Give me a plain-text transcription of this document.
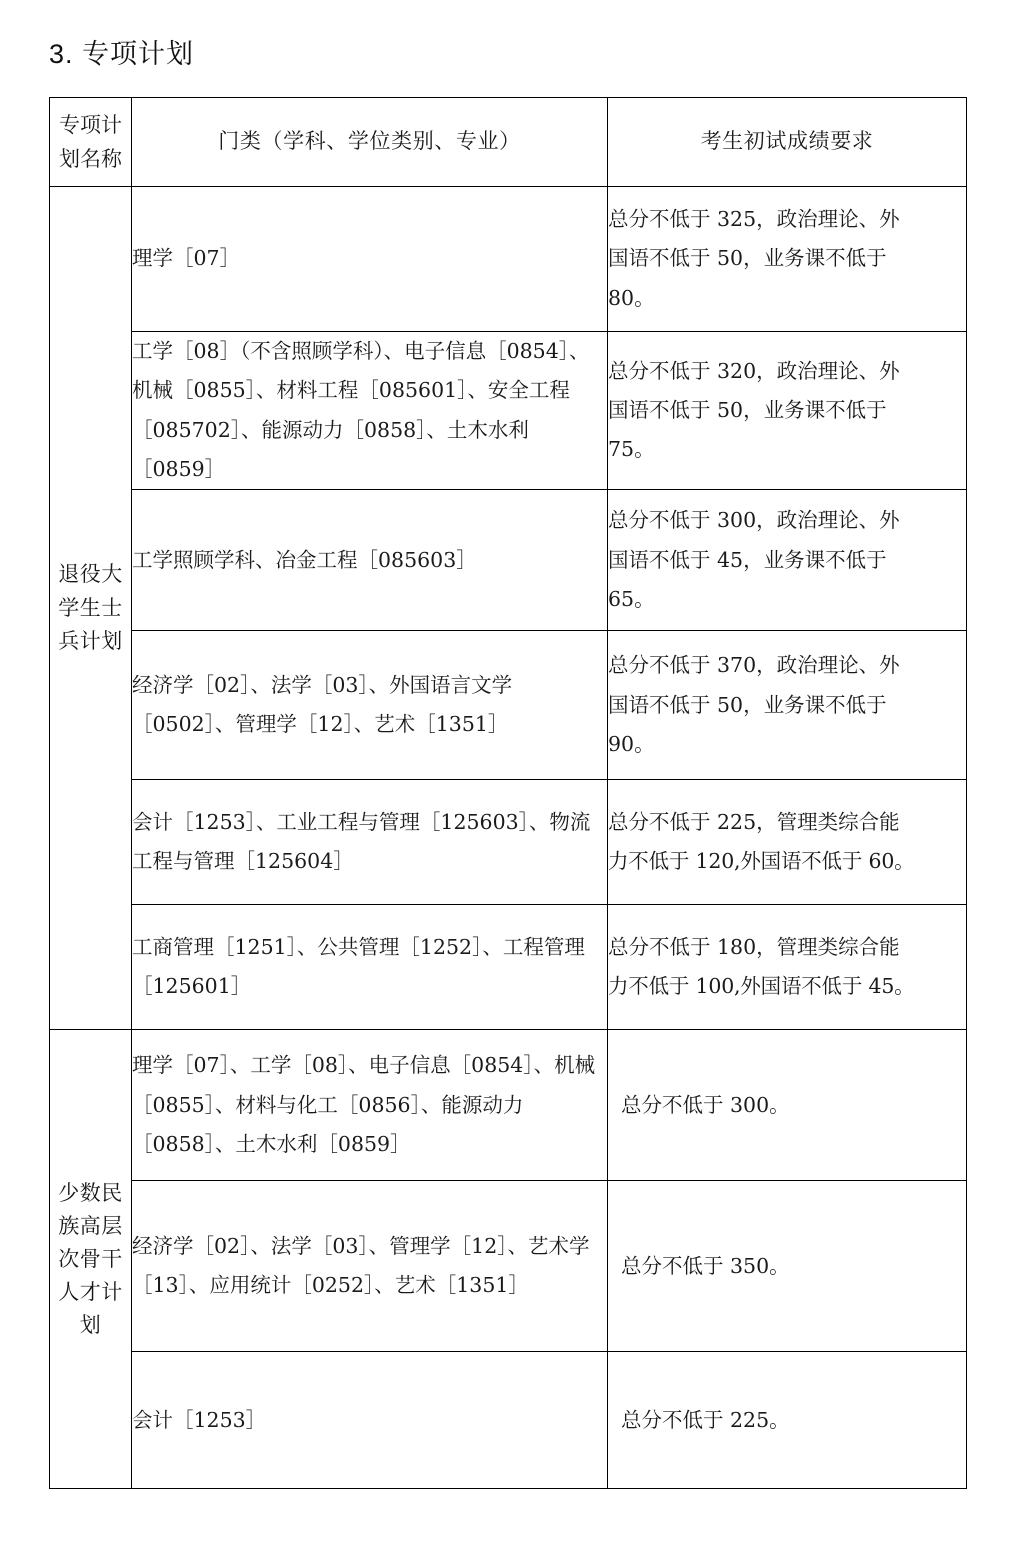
3. 专项计划
专项计划名称	门类（学科、学位类别、专业）	考生初试成绩要求

退役大学生士兵计划	理学［07］	总分不低于 325，政治理论、外
国语不低于 50，业务课不低于
80。

	工学［08］（不含照顾学科）、电子信息［0854］、机械［0855］、材料工程［085601］、安全工程［085702］、能源动力［0858］、土木水利［0859］	总分不低于 320，政治理论、外
国语不低于 50，业务课不低于
75。

	工学照顾学科、冶金工程［085603］	总分不低于 300，政治理论、外
国语不低于 45，业务课不低于
65。

	经济学［02］、法学［03］、外国语言文学［0502］、管理学［12］、艺术［1351］	总分不低于 370，政治理论、外
国语不低于 50，业务课不低于
90。

	会计［1253］、工业工程与管理［125603］、物流工程与管理［125604］	总分不低于 225，管理类综合能
力不低于 120,外国语不低于 60。

	工商管理［1251］、公共管理［1252］、工程管理［125601］	总分不低于 180，管理类综合能
力不低于 100,外国语不低于 45。

少数民族高层次骨干人才计划	理学［07］、工学［08］、电子信息［0854］、机械［0855］、材料与化工［0856］、能源动力［0858］、土木水利［0859］	总分不低于 300。

	经济学［02］、法学［03］、管理学［12］、艺术学［13］、应用统计［0252］、艺术［1351］	总分不低于 350。

	会计［1253］	总分不低于 225。
